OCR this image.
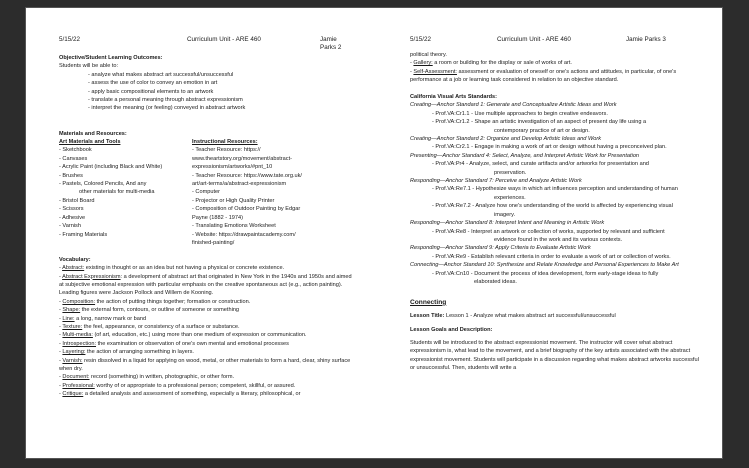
5/15/22	Curriculum Unit - ARE 460	Jamie Parks 2
Objective/Student Learning Outcomes:
Students will be able to:
- analyze what makes abstract art successful/unsuccessful
- assess the use of color to convey an emotion in art
- apply basic compositional elements to an artwork
- translate a personal meaning through abstract expressionism
- interpret the meaning (or feeling) conveyed in abstract artwork
Materials and Resources:
Art Materials and Tools
- Sketchbook
- Canvases
- Acrylic Paint (including Black and White)
- Brushes
- Pastels, Colored Pencils, And any
other materials for multi-media
- Bristol Board
- Scissors
- Adhesive
- Varnish
- Framing Materials
Instructional Resources:
- Teacher Resource: https://
www.theartstory.org/movement/abstract-
expressionism/artworks/#pnt_10
- Teacher Resource: https://www.tate.org.uk/
art/art-terms/a/abstract-expressionism
- Computer
- Projector or High Quality Printer
- Composition of Outdoor Painting by Edgar
Payne (1882 - 1974)
- Translating Emotions Worksheet
- Website: https://drawpaintacademy.com/
finished-painting/
Vocabulary:
- Abstract: existing in thought or as an idea but not having a physical or concrete existence.
- Abstract Expressionism: a development of abstract art that originated in New York in the 1940s and 1950s and aimed at subjective emotional expression with particular emphasis on the creative spontaneous act (e.g., action painting). Leading figures were Jackson Pollock and Willem de Kooning.
- Composition: the action of putting things together; formation or construction.
- Shape: the external form, contours, or outline of someone or something
- Line: a long, narrow mark or band
- Texture: the feel, appearance, or consistency of a surface or substance.
- Multi-media: (of art, education, etc.) using more than one medium of expression or communication.
- Introspection: the examination or observation of one's own mental and emotional processes
- Layering: the action of arranging something in layers.
- Varnish: resin dissolved in a liquid for applying on wood, metal, or other materials to form a hard, clear, shiny surface when dry.
- Document: record (something) in written, photographic, or other form.
- Professional: worthy of or appropriate to a professional person; competent, skillful, or assured.
- Critique: a detailed analysis and assessment of something, especially a literary, philosophical, or
5/15/22	Curriculum Unit - ARE 460	Jamie Parks 3
political theory.
- Gallery: a room or building for the display or sale of works of art.
- Self-Assessment: assessment or evaluation of oneself or one's actions and attitudes, in particular, of one's performance at a job or learning task considered in relation to an objective standard.
California Visual Arts Standards:
Creating—Anchor Standard 1: Generate and Conceptualize Artistic Ideas and Work
- Prof.VA:Cr1.1 - Use multiple approaches to begin creative endeavors.
- Prof.VA:Cr1.2 - Shape an artistic investigation of an aspect of present day life using a
contemporary practice of art or design.
Creating—Anchor Standard 2: Organize and Develop Artistic Ideas and Work
- Prof.VA:Cr2.1 - Engage in making a work of art or design without having a preconceived plan.
Presenting—Anchor Standard 4: Select, Analyze, and Interpret Artistic Work for Presentation
- Prof.VA:Pr4 - Analyze, select, and curate artifacts and/or artworks for presentation and
preservation.
Responding—Anchor Standard 7: Perceive and Analyze Artistic Work
- Prof.VA:Re7.1 - Hypothesize ways in which art influences perception and understanding of human
experiences.
- Prof.VA:Re7.2 - Analyze how one's understanding of the world is affected by experiencing visual
imagery.
Responding—Anchor Standard 8: Interpret Intent and Meaning in Artistic Work
- Prof.VA:Re8 - Interpret an artwork or collection of works, supported by relevant and sufficient
evidence found in the work and its various contexts.
Responding—Anchor Standard 9: Apply Criteria to Evaluate Artistic Work
- Prof.VA:Re9 - Establish relevant criteria in order to evaluate a work of art or collection of works.
Connecting—Anchor Standard 10: Synthesize and Relate Knowledge and Personal Experiences to Make Art
- Prof.VA:Cn10 - Document the process of idea development, form early-stage ideas to fully
elaborated ideas.
Connecting
Lesson Title: Lesson 1 - Analyze what makes abstract art successful/unsuccessful
Lesson Goals and Description:
Students will be introduced to the abstract expressionist movement. The instructor will cover what abstract expressionism is, what lead to the movement, and a brief biography of the key artists associated with the abstract expressionist movement. Students will participate in a discussion regarding what makes abstract artworks successful or unsuccessful. Then, students will write a
